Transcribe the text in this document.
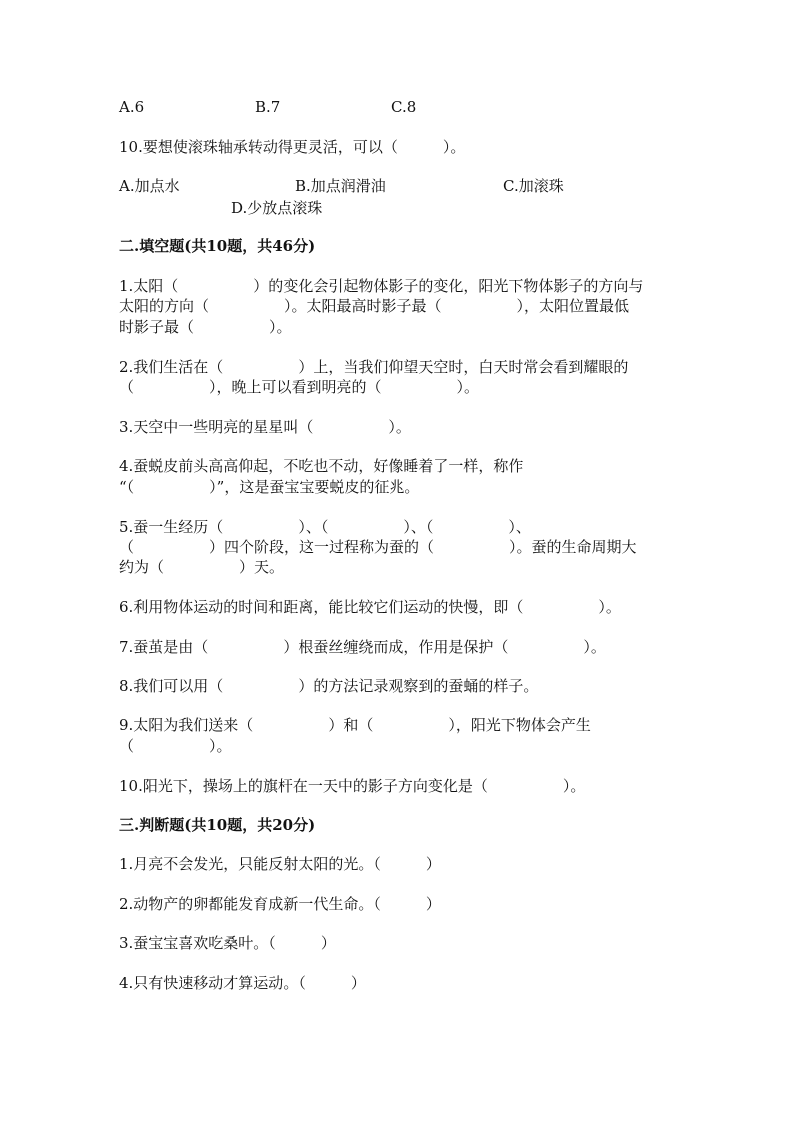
A.6	B.7	C.8
10.要想使滚珠轴承转动得更灵活，可以（　　　）。
A.加点水	B.加点润滑油	C.加滚珠
D.少放点滚珠
二.填空题(共10题，共46分)
1.太阳（　　　　　）的变化会引起物体影子的变化，阳光下物体影子的方向与
太阳的方向（　　　　　）。太阳最高时影子最（　　　　　），太阳位置最低
时影子最（　　　　　）。
2.我们生活在（　　　　　）上，当我们仰望天空时，白天时常会看到耀眼的
（　　　　　），晚上可以看到明亮的（　　　　　）。
3.天空中一些明亮的星星叫（　　　　　）。
4.蚕蜕皮前头高高仰起，不吃也不动，好像睡着了一样，称作
“（　　　　　）”，这是蚕宝宝要蜕皮的征兆。
5.蚕一生经历（　　　　　）、（　　　　　）、（　　　　　）、
（　　　　　）四个阶段，这一过程称为蚕的（　　　　　）。蚕的生命周期大
约为（　　　　　）天。
6.利用物体运动的时间和距离，能比较它们运动的快慢，即（　　　　　）。
7.蚕茧是由（　　　　　）根蚕丝缠绕而成，作用是保护（　　　　　）。
8.我们可以用（　　　　　）的方法记录观察到的蚕蛹的样子。
9.太阳为我们送来（　　　　　）和（　　　　　），阳光下物体会产生
（　　　　　）。
10.阳光下，操场上的旗杆在一天中的影子方向变化是（　　　　　）。
三.判断题(共10题，共20分)
1.月亮不会发光，只能反射太阳的光。（　　　）
2.动物产的卵都能发育成新一代生命。（　　　）
3.蚕宝宝喜欢吃桑叶。（　　　）
4.只有快速移动才算运动。（　　　）
